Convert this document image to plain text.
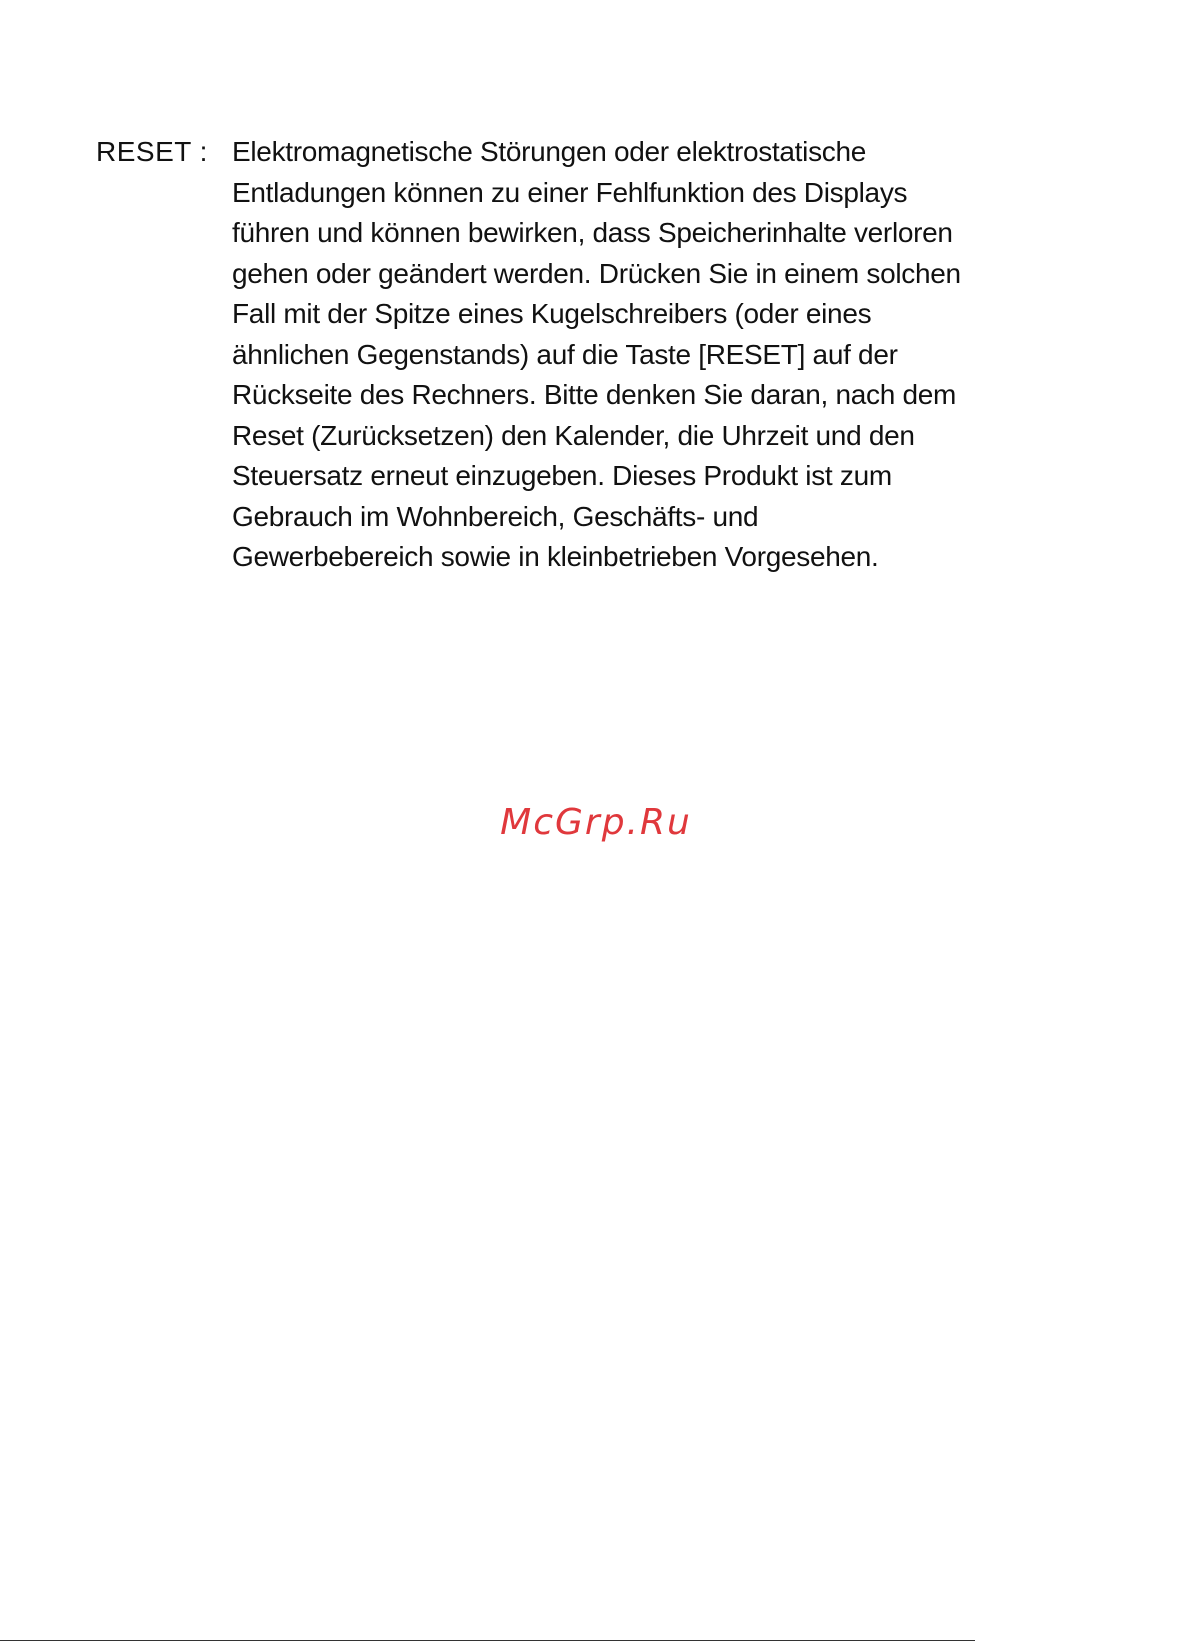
RESET : Elektromagnetische Störungen oder elektrostatische
Entladungen können zu einer Fehlfunktion des Displays
führen und können bewirken, dass Speicherinhalte verloren
gehen oder geändert werden. Drücken Sie in einem solchen
Fall mit der Spitze eines Kugelschreibers (oder eines
ähnlichen Gegenstands) auf die Taste [RESET] auf der
Rückseite des Rechners. Bitte denken Sie daran, nach dem
Reset (Zurücksetzen) den Kalender, die Uhrzeit und den
Steuersatz erneut einzugeben. Dieses Produkt ist zum
Gebrauch im Wohnbereich, Geschäfts- und
Gewerbebereich sowie in kleinbetrieben Vorgesehen.
McGrp.Ru
